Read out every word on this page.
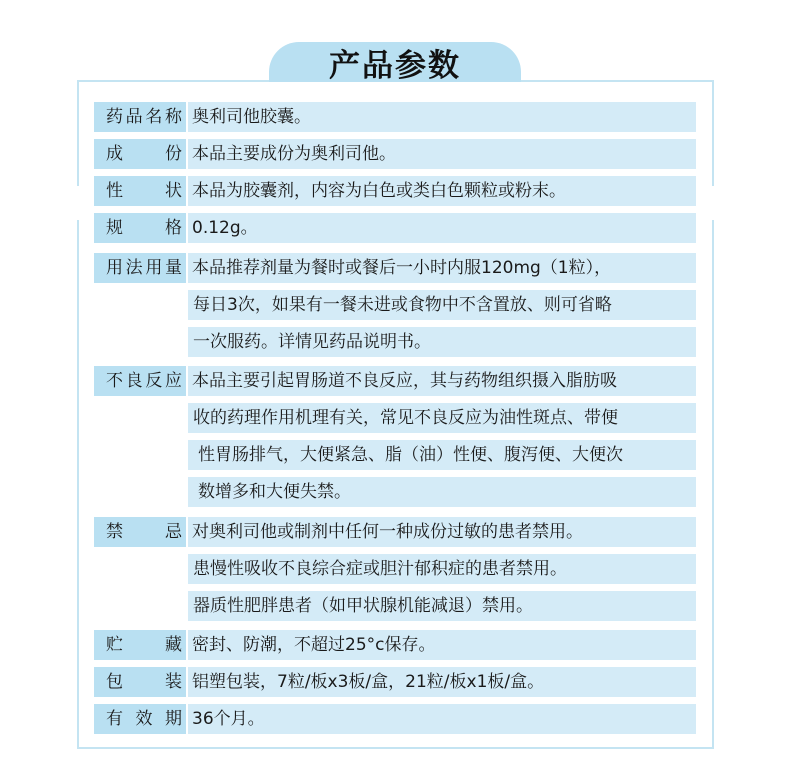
产品参数
药 品 名 称 奥利司他胶囊。
成 份 本品主要成份为奥利司他。
性 状 本品为胶囊剂，内容为白色或类白色颗粒或粉末。
规 格 0.12g。
用 法 用 量 本品推荐剂量为餐时或餐后一小时内服120mg（1粒），
每日3次，如果有一餐未进或食物中不含置放、则可省略
一次服药。详情见药品说明书。
不 良 反 应 本品主要引起胃肠道不良反应，其与药物组织摄入脂肪吸
收的药理作用机理有关，常见不良反应为油性斑点、带便
性胃肠排气，大便紧急、脂（油）性便、腹泻便、大便次
数增多和大便失禁。
禁 忌 对奥利司他或制剂中任何一种成份过敏的患者禁用。
患慢性吸收不良综合症或胆汁郁积症的患者禁用。
器质性肥胖患者（如甲状腺机能减退）禁用。
贮 藏 密封、防潮，不超过25°c保存。
包 装 铝塑包装，7粒/板x3板/盒，21粒/板x1板/盒。
有 效 期 36个月。
